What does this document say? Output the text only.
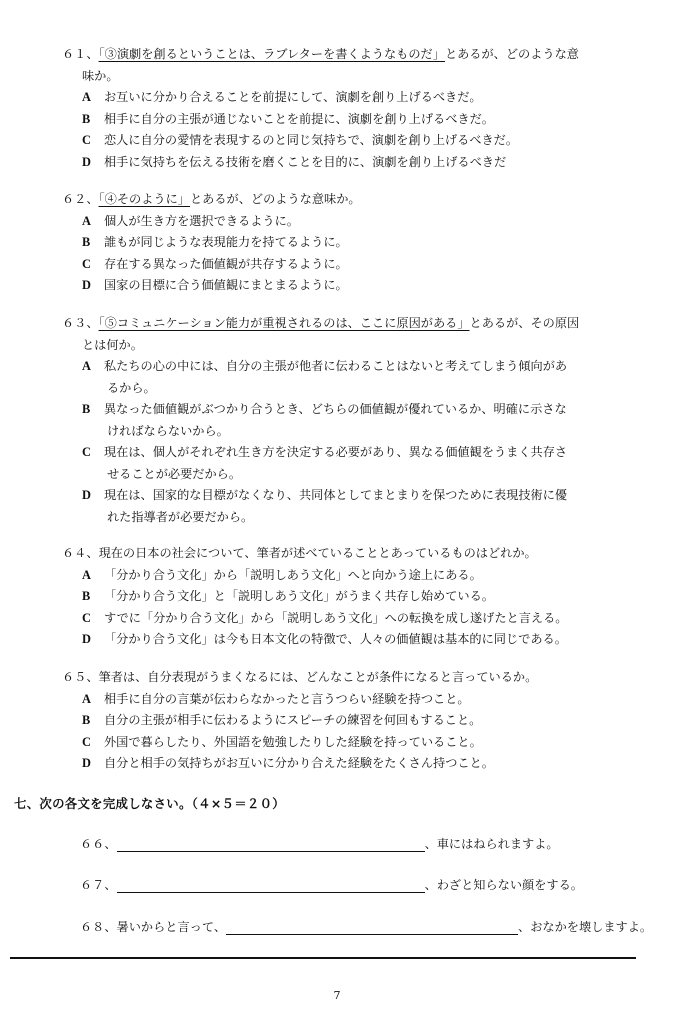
６１、「③演劇を創るということは、ラブレターを書くようなものだ」とあるが、どのような意
味か。
A	お互いに分かり合えることを前提にして、演劇を創り上げるべきだ。
B	相手に自分の主張が通じないことを前提に、演劇を創り上げるべきだ。
C	恋人に自分の愛情を表現するのと同じ気持ちで、演劇を創り上げるべきだ。
D	相手に気持ちを伝える技術を磨くことを目的に、演劇を創り上げるべきだ
６２、「④そのように」とあるが、どのような意味か。
A	個人が生き方を選択できるように。
B	誰もが同じような表現能力を持てるように。
C	存在する異なった価値観が共存するように。
D	国家の目標に合う価値観にまとまるように。
６３、「⑤コミュニケーション能力が重視されるのは、ここに原因がある」とあるが、その原因
とは何か。
A	私たちの心の中には、自分の主張が他者に伝わることはないと考えてしまう傾向があ
るから。
B	異なった価値観がぶつかり合うとき、どちらの価値観が優れているか、明確に示さな
ければならないから。
C	現在は、個人がそれぞれ生き方を決定する必要があり、異なる価値観をうまく共存さ
せることが必要だから。
D	現在は、国家的な目標がなくなり、共同体としてまとまりを保つために表現技術に優
れた指導者が必要だから。
６４、現在の日本の社会について、筆者が述べていることとあっているものはどれか。
A	「分かり合う文化」から「説明しあう文化」へと向かう途上にある。
B	「分かり合う文化」と「説明しあう文化」がうまく共存し始めている。
C	すでに「分かり合う文化」から「説明しあう文化」への転換を成し遂げたと言える。
D	「分かり合う文化」は今も日本文化の特徴で、人々の価値観は基本的に同じである。
６５、筆者は、自分表現がうまくなるには、どんなことが条件になると言っているか。
A	相手に自分の言葉が伝わらなかったと言うつらい経験を持つこと。
B	自分の主張が相手に伝わるようにスピーチの練習を何回もすること。
C	外国で暮らしたり、外国語を勉強したりした経験を持っていること。
D	自分と相手の気持ちがお互いに分かり合えた経験をたくさん持つこと。
七、次の各文を完成しなさい。（４×５＝２０）
６６、	、車にはねられますよ。
６７、	、わざと知らない顔をする。
６８、暑いからと言って、	、おなかを壊しますよ。
7
